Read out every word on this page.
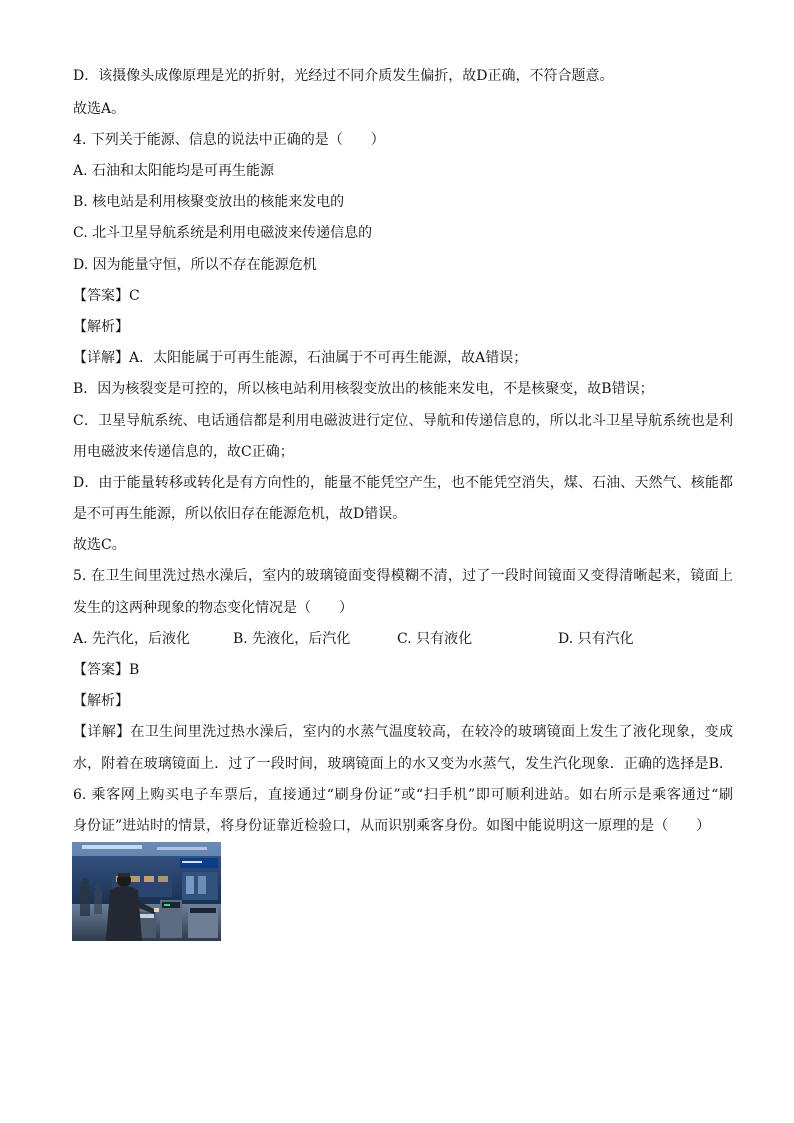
D．该摄像头成像原理是光的折射，光经过不同介质发生偏折，故D正确，不符合题意。
故选A。
4. 下列关于能源、信息的说法中正确的是（　　）
A. 石油和太阳能均是可再生能源
B. 核电站是利用核聚变放出的核能来发电的
C. 北斗卫星导航系统是利用电磁波来传递信息的
D. 因为能量守恒，所以不存在能源危机
【答案】C
【解析】
【详解】A．太阳能属于可再生能源，石油属于不可再生能源，故A错误；
B．因为核裂变是可控的，所以核电站利用核裂变放出的核能来发电，不是核聚变，故B错误；
C．卫星导航系统、电话通信都是利用电磁波进行定位、导航和传递信息的，所以北斗卫星导航系统也是利
用电磁波来传递信息的，故C正确；
D．由于能量转移或转化是有方向性的，能量不能凭空产生，也不能凭空消失，煤、石油、天然气、核能都
是不可再生能源，所以依旧存在能源危机，故D错误。
故选C。
5. 在卫生间里洗过热水澡后，室内的玻璃镜面变得模糊不清，过了一段时间镜面又变得清晰起来，镜面上
发生的这两种现象的物态变化情况是（　　）
A. 先汽化，后液化	B. 先液化，后汽化	C. 只有液化	D. 只有汽化
【答案】B
【解析】
【详解】在卫生间里洗过热水澡后，室内的水蒸气温度较高，在较冷的玻璃镜面上发生了液化现象，变成
水，附着在玻璃镜面上．过了一段时间，玻璃镜面上的水又变为水蒸气，发生汽化现象．正确的选择是B．
6. 乘客网上购买电子车票后，直接通过“刷身份证”或“扫手机”即可顺利进站。如右所示是乘客通过“刷
身份证”进站时的情景，将身份证靠近检验口，从而识别乘客身份。如图中能说明这一原理的是（　　）
